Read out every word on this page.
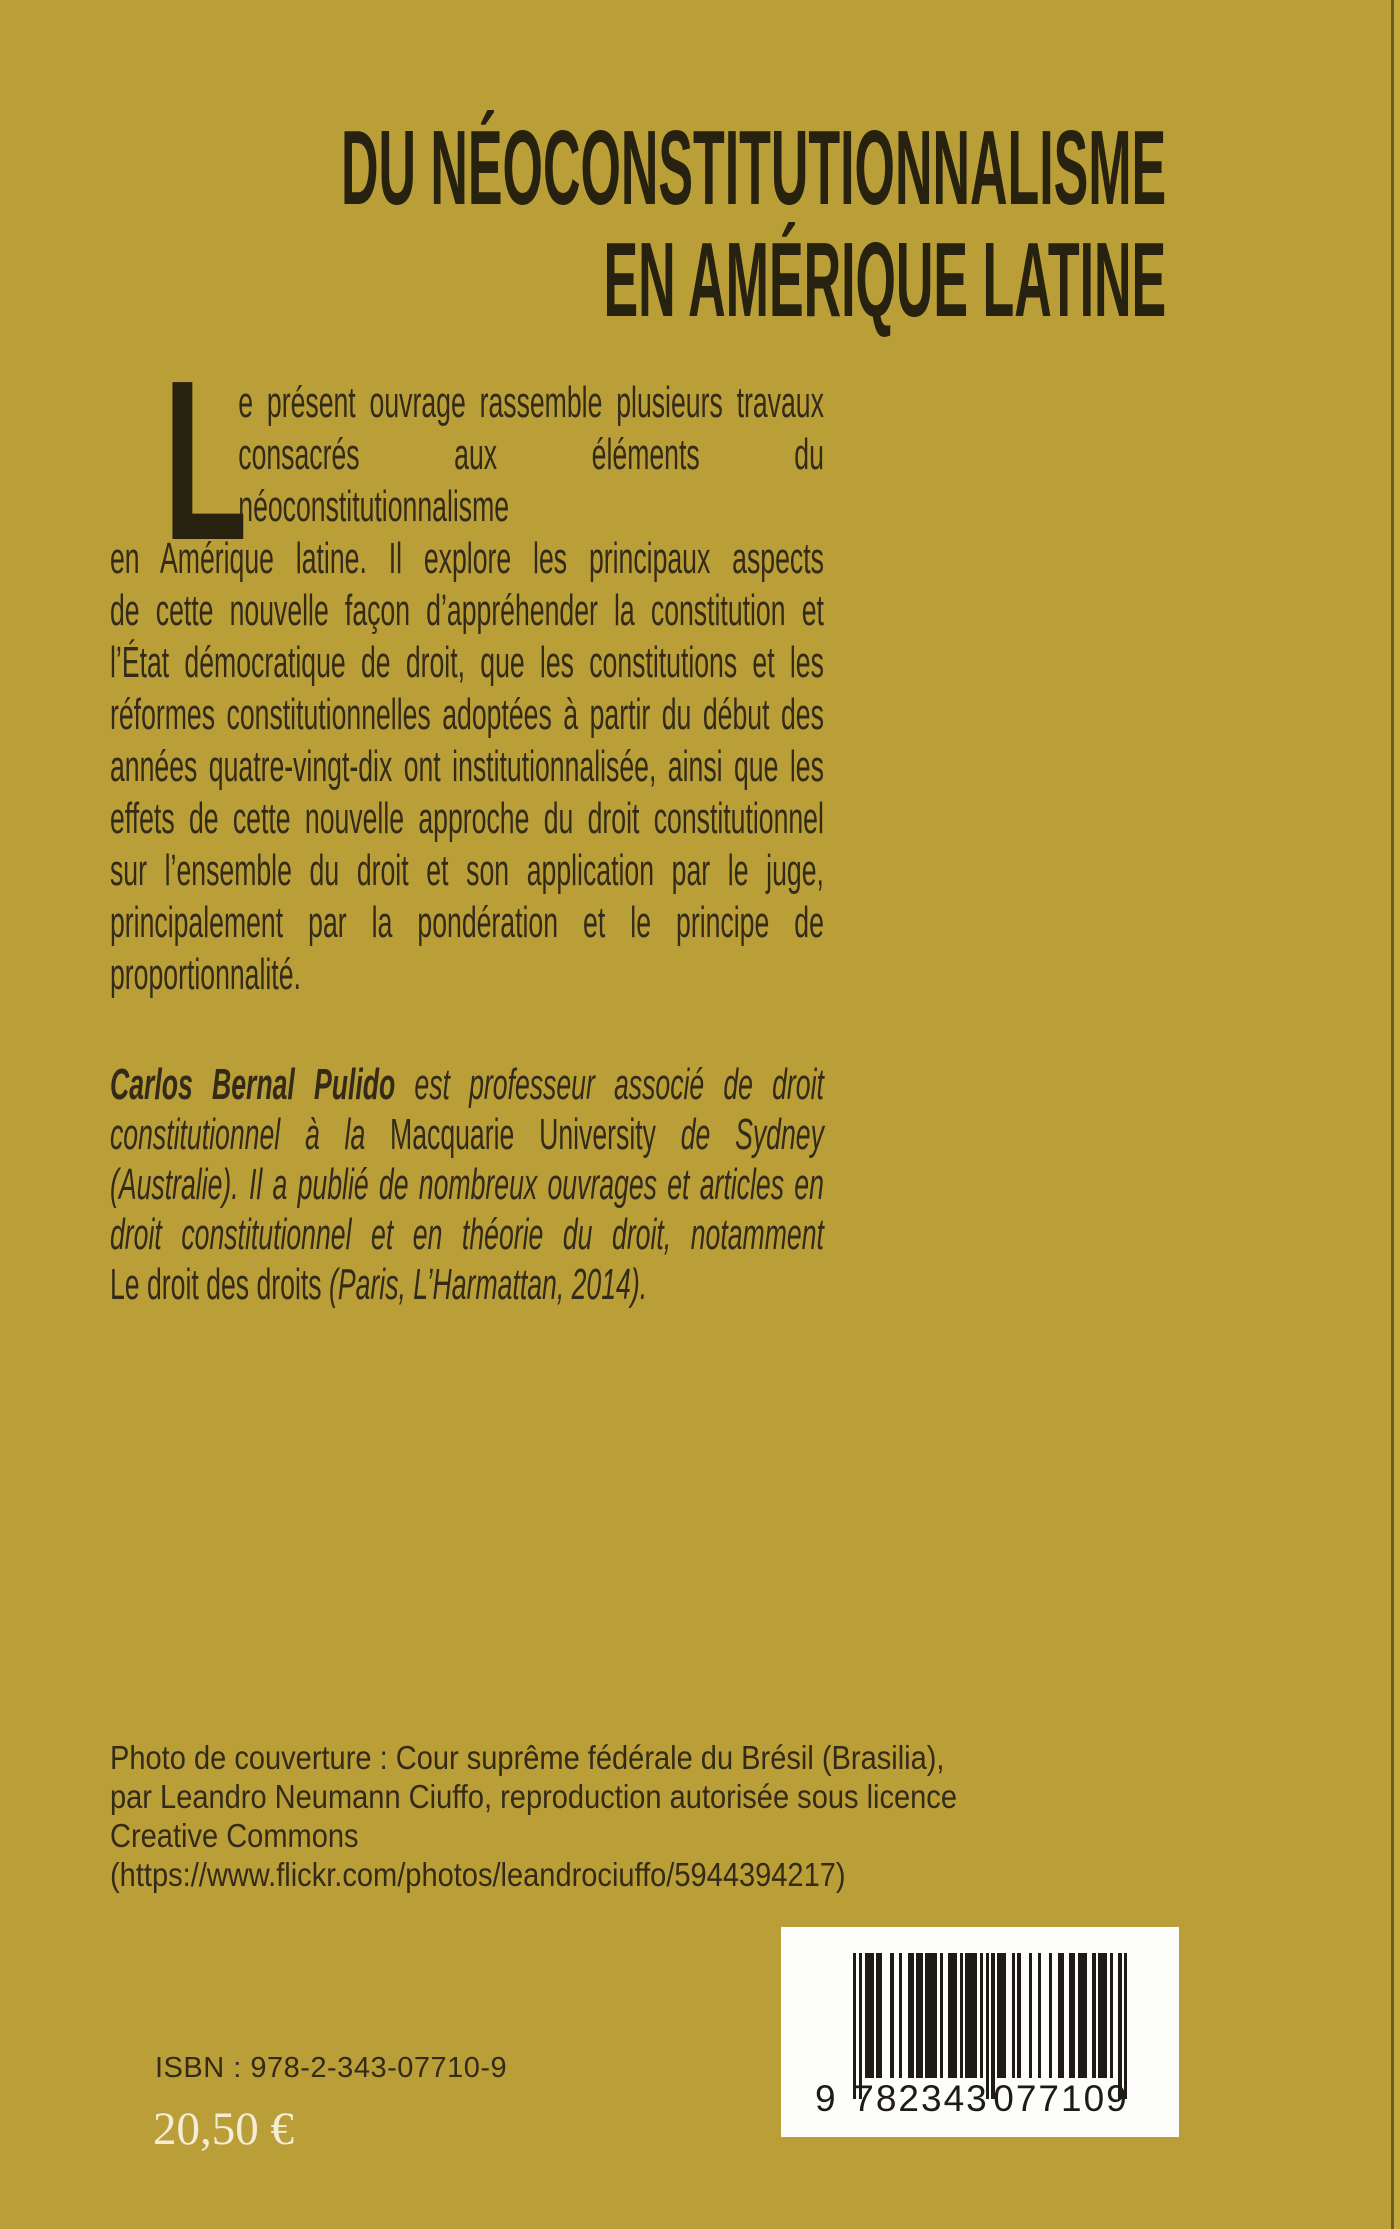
DU NÉOCONSTITUTIONNALISME
EN AMÉRIQUE LATINE
L
e présent ouvrage rassemble plusieurs travaux
consacrés aux éléments du néoconstitutionnalisme
en Amérique latine. Il explore les principaux aspects
de cette nouvelle façon d’appréhender la constitution et
l’État démocratique de droit, que les constitutions et les
réformes constitutionnelles adoptées à partir du début des
années quatre-vingt-dix ont institutionnalisée, ainsi que les
effets de cette nouvelle approche du droit constitutionnel
sur l’ensemble du droit et son application par le juge,
principalement par la pondération et le principe de
proportionnalité.
Carlos Bernal Pulido est professeur associé de droit
constitutionnel à la Macquarie University de Sydney
(Australie). Il a publié de nombreux ouvrages et articles en
droit constitutionnel et en théorie du droit, notamment
Le droit des droits (Paris, L’Harmattan, 2014).
Photo de couverture : Cour suprême fédérale du Brésil (Brasilia),
par Leandro Neumann Ciuffo, reproduction autorisée sous licence
Creative Commons
(https://www.flickr.com/photos/leandrociuffo/5944394217)
ISBN : 978-2-343-07710-9
20,50 €
9 782343 077109
